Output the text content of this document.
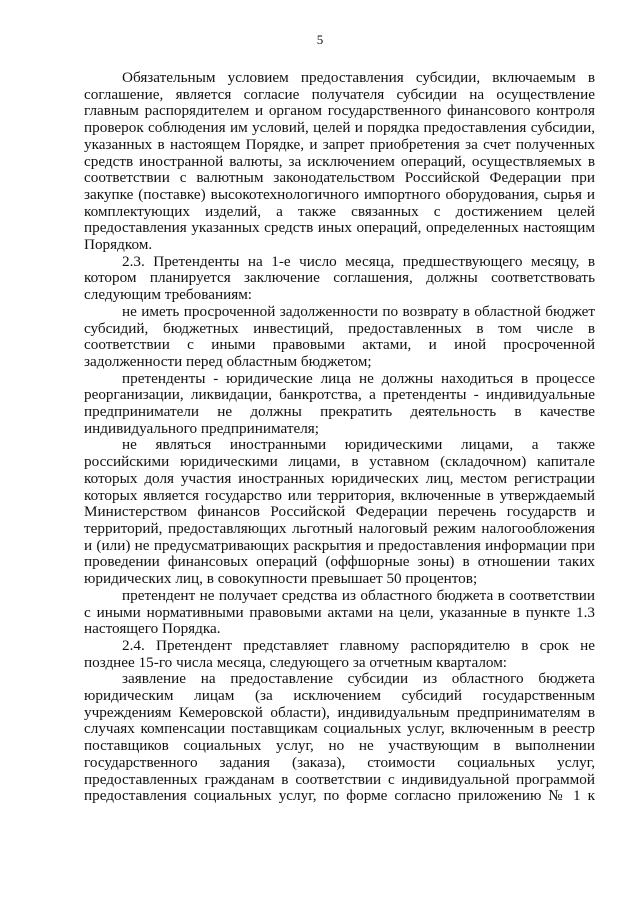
5

Обязательным условием предоставления субсидии, включаемым в соглашение, является согласие получателя субсидии на осуществление главным распорядителем и органом государственного финансового контроля проверок соблюдения им условий, целей и порядка предоставления субсидии, указанных в настоящем Порядке, и запрет приобретения за счет полученных средств иностранной валюты, за исключением операций, осуществляемых в соответствии с валютным законодательством Российской Федерации при закупке (поставке) высокотехнологичного импортного оборудования, сырья и комплектующих изделий, а также связанных с достижением целей предоставления указанных средств иных операций, определенных настоящим Порядком.

2.3. Претенденты на 1-е число месяца, предшествующего месяцу, в котором планируется заключение соглашения, должны соответствовать следующим требованиям:

не иметь просроченной задолженности по возврату в областной бюджет субсидий, бюджетных инвестиций, предоставленных в том числе в соответствии с иными правовыми актами, и иной просроченной задолженности перед областным бюджетом;

претенденты - юридические лица не должны находиться в процессе реорганизации, ликвидации, банкротства, а претенденты - индивидуальные предприниматели не должны прекратить деятельность в качестве индивидуального предпринимателя;

не являться иностранными юридическими лицами, а также российскими юридическими лицами, в уставном (складочном) капитале которых доля участия иностранных юридических лиц, местом регистрации которых является государство или территория, включенные в утверждаемый Министерством финансов Российской Федерации перечень государств и территорий, предоставляющих льготный налоговый режим налогообложения и (или) не предусматривающих раскрытия и предоставления информации при проведении финансовых операций (оффшорные зоны) в отношении таких юридических лиц, в совокупности превышает 50 процентов;

претендент не получает средства из областного бюджета в соответствии с иными нормативными правовыми актами на цели, указанные в пункте 1.3 настоящего Порядка.

2.4. Претендент представляет главному распорядителю в срок не позднее 15-го числа месяца, следующего за отчетным кварталом:

заявление на предоставление субсидии из областного бюджета юридическим лицам (за исключением субсидий государственным учреждениям Кемеровской области), индивидуальным предпринимателям в случаях компенсации поставщикам социальных услуг, включенным в реестр поставщиков социальных услуг, но не участвующим в выполнении государственного задания (заказа), стоимости социальных услуг, предоставленных гражданам в соответствии с индивидуальной программой предоставления социальных услуг, по форме согласно приложению № 1 к
